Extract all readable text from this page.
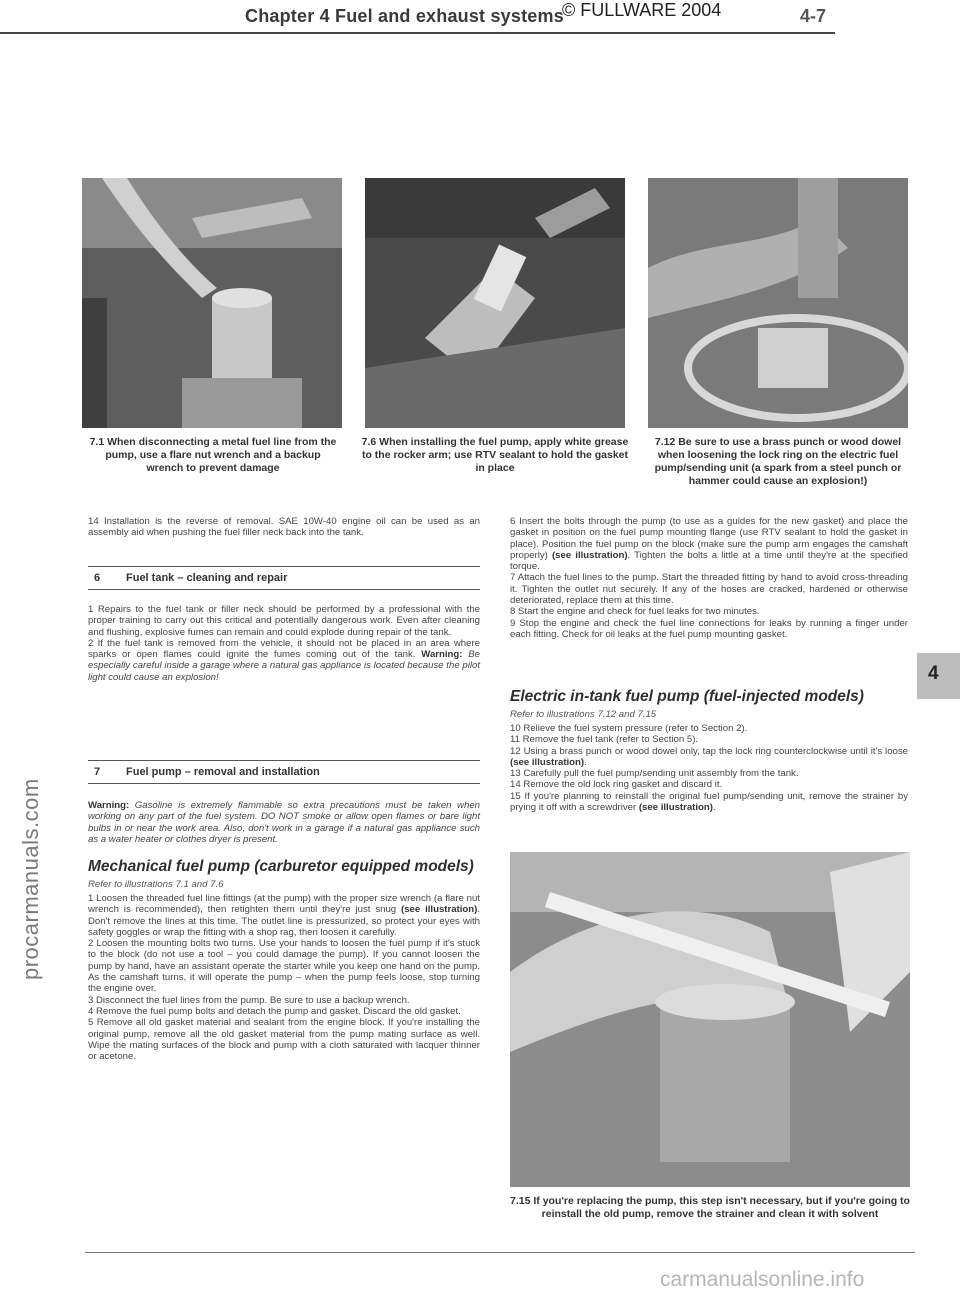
Chapter 4 Fuel and exhaust systems
© FULLWARE 2004	4-7
7.1 When disconnecting a metal fuel line from the pump, use a flare nut wrench and a backup wrench to prevent damage
7.6 When installing the fuel pump, apply white grease to the rocker arm; use RTV sealant to hold the gasket in place
7.12 Be sure to use a brass punch or wood dowel when loosening the lock ring on the electric fuel pump/sending unit (a spark from a steel punch or hammer could cause an explosion!)

14 Installation is the reverse of removal. SAE 10W-40 engine oil can be used as an assembly aid when pushing the fuel filler neck back into the tank.

6 Fuel tank – cleaning and repair

1 Repairs to the fuel tank or filler neck should be performed by a professional with the proper training to carry out this critical and potentially dangerous work. Even after cleaning and flushing, explosive fumes can remain and could explode during repair of the tank.

2 If the fuel tank is removed from the vehicle, it should not be placed in an area where sparks or open flames could ignite the fumes coming out of the tank. Warning: Be especially careful inside a garage where a natural gas appliance is located because the pilot light could cause an explosion!

7 Fuel pump – removal and installation

Warning: Gasoline is extremely flammable so extra precautions must be taken when working on any part of the fuel system. DO NOT smoke or allow open flames or bare light bulbs in or near the work area. Also, don't work in a garage if a natural gas appliance such as a water heater or clothes dryer is present.

Mechanical fuel pump (carburetor equipped models)
Refer to illustrations 7.1 and 7.6

1 Loosen the threaded fuel line fittings (at the pump) with the proper size wrench (a flare nut wrench is recommended), then retighten them until they're just snug (see illustration). Don't remove the lines at this time. The outlet line is pressurized, so protect your eyes with safety goggles or wrap the fitting with a shop rag, then loosen it carefully.

2 Loosen the mounting bolts two turns. Use your hands to loosen the fuel pump if it's stuck to the block (do not use a tool – you could damage the pump). If you cannot loosen the pump by hand, have an assistant operate the starter while you keep one hand on the pump. As the camshaft turns, it will operate the pump – when the pump feels loose, stop turning the engine over.

3 Disconnect the fuel lines from the pump. Be sure to use a backup wrench.

4 Remove the fuel pump bolts and detach the pump and gasket. Discard the old gasket.

5 Remove all old gasket material and sealant from the engine block. If you're installing the original pump, remove all the old gasket material from the pump mating surface as well. Wipe the mating surfaces of the block and pump with a cloth saturated with lacquer thinner or acetone.

6 Insert the bolts through the pump (to use as a guides for the new gasket) and place the gasket in position on the fuel pump mounting flange (use RTV sealant to hold the gasket in place). Position the fuel pump on the block (make sure the pump arm engages the camshaft properly) (see illustration). Tighten the bolts a little at a time until they're at the specified torque.

7 Attach the fuel lines to the pump. Start the threaded fitting by hand to avoid cross-threading it. Tighten the outlet nut securely. If any of the hoses are cracked, hardened or otherwise deteriorated, replace them at this time.

8 Start the engine and check for fuel leaks for two minutes.

9 Stop the engine and check the fuel line connections for leaks by running a finger under each fitting. Check for oil leaks at the fuel pump mounting gasket.

Electric in-tank fuel pump (fuel-injected models)
Refer to illustrations 7.12 and 7.15

10 Relieve the fuel system pressure (refer to Section 2).

11 Remove the fuel tank (refer to Section 5).

12 Using a brass punch or wood dowel only, tap the lock ring counterclockwise until it's loose (see illustration).

13 Carefully pull the fuel pump/sending unit assembly from the tank.

14 Remove the old lock ring gasket and discard it.

15 If you're planning to reinstall the original fuel pump/sending unit, remove the strainer by prying it off with a screwdriver (see illustration).

7.15 If you're replacing the pump, this step isn't necessary, but if you're going to reinstall the old pump, remove the strainer and clean it with solvent
4
procarmanuals.com
carmanualsonline.info
